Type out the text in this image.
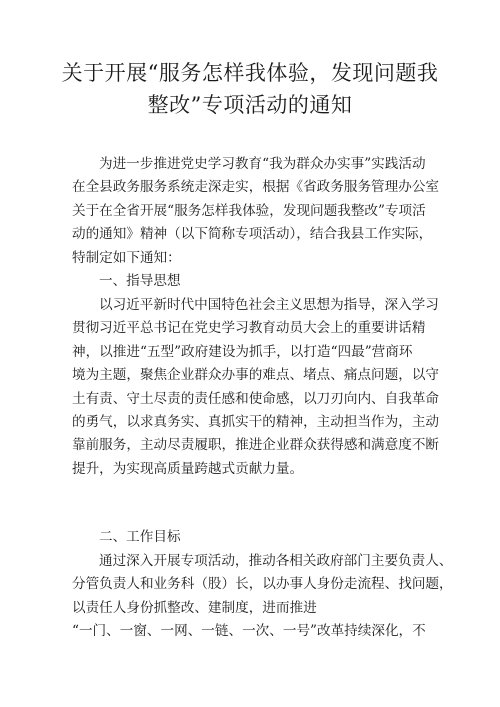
关于开展“服务怎样我体验，发现问题我
整改”专项活动的通知
为进一步推进党史学习教育“我为群众办实事”实践活动
在全县政务服务系统走深走实，根据《省政务服务管理办公室
关于在全省开展“服务怎样我体验，发现问题我整改”专项活
动的通知》精神（以下简称专项活动），结合我县工作实际，
特制定如下通知：
一、指导思想
以习近平新时代中国特色社会主义思想为指导，深入学习
贯彻习近平总书记在党史学习教育动员大会上的重要讲话精
神，以推进“五型”政府建设为抓手，以打造“四最”营商环
境为主题，聚焦企业群众办事的难点、堵点、痛点问题，以守
土有责、守土尽责的责任感和使命感，以刀刃向内、自我革命
的勇气，以求真务实、真抓实干的精神，主动担当作为，主动
靠前服务，主动尽责履职，推进企业群众获得感和满意度不断
提升，为实现高质量跨越式贡献力量。
二、工作目标
通过深入开展专项活动，推动各相关政府部门主要负责人、
分管负责人和业务科（股）长，以办事人身份走流程、找问题，
以责任人身份抓整改、建制度，进而推进
“一门、一窗、一网、一链、一次、一号”改革持续深化，不
